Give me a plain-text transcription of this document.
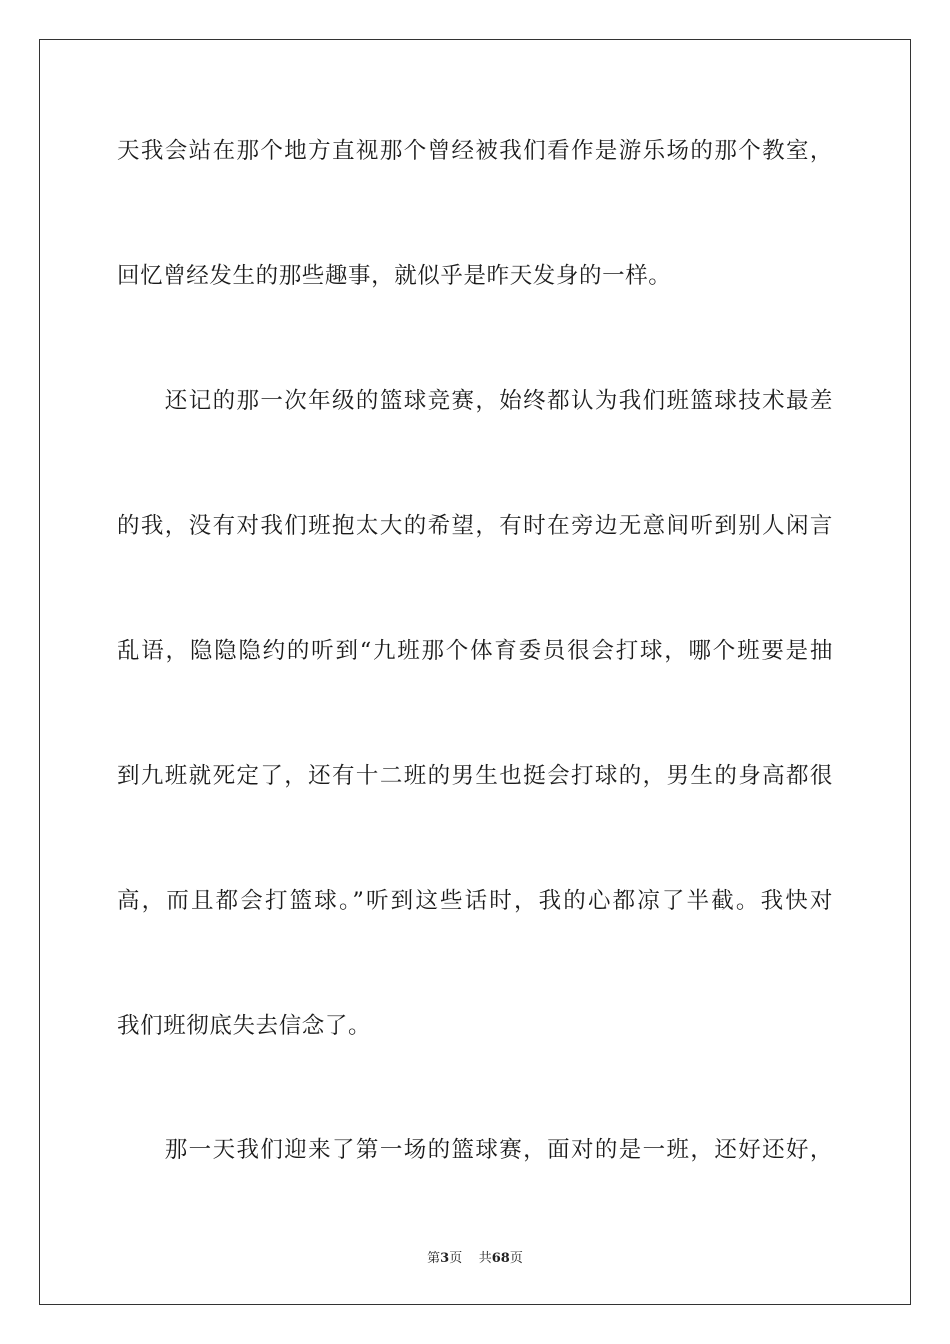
天我会站在那个地方直视那个曾经被我们看作是游乐场的那个教室，
回忆曾经发生的那些趣事，就似乎是昨天发身的一样。
　　还记的那一次年级的篮球竞赛，始终都认为我们班篮球技术最差
的我，没有对我们班抱太大的希望，有时在旁边无意间听到别人闲言
乱语，隐隐隐约的听到“九班那个体育委员很会打球，哪个班要是抽
到九班就死定了，还有十二班的男生也挺会打球的，男生的身高都很
高，而且都会打篮球。”听到这些话时，我的心都凉了半截。我快对
我们班彻底失去信念了。
　　那一天我们迎来了第一场的篮球赛，面对的是一班，还好还好，
第3页 共68页
